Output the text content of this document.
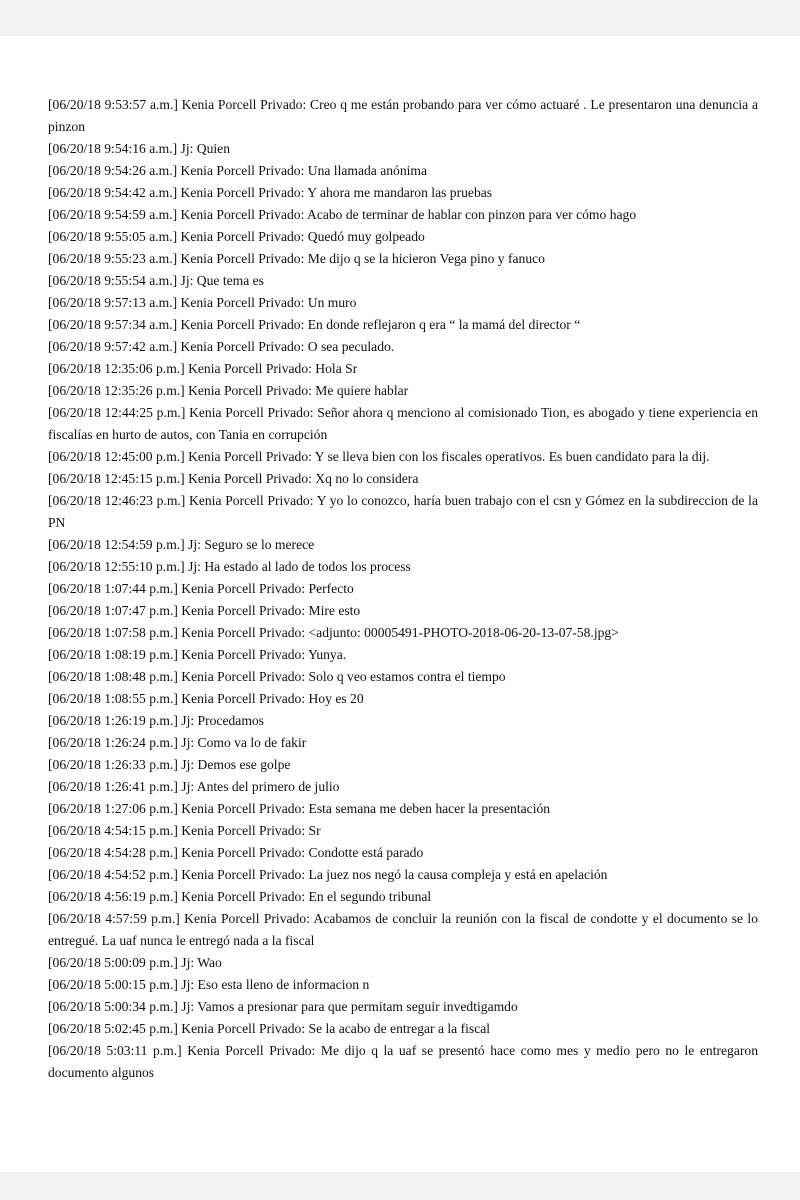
[06/20/18 9:53:57 a.m.] Kenia Porcell Privado: Creo q me están probando para ver cómo actuaré . Le presentaron una denuncia a pinzon

[06/20/18 9:54:16 a.m.] Jj: Quien

[06/20/18 9:54:26 a.m.] Kenia Porcell Privado: Una llamada anónima

[06/20/18 9:54:42 a.m.] Kenia Porcell Privado: Y ahora me mandaron las pruebas

[06/20/18 9:54:59 a.m.] Kenia Porcell Privado: Acabo de terminar de hablar con pinzon para ver cómo hago

[06/20/18 9:55:05 a.m.] Kenia Porcell Privado: Quedó muy golpeado

[06/20/18 9:55:23 a.m.] Kenia Porcell Privado: Me dijo q se la hicieron Vega pino y fanuco

[06/20/18 9:55:54 a.m.] Jj: Que tema es

[06/20/18 9:57:13 a.m.] Kenia Porcell Privado: Un muro

[06/20/18 9:57:34 a.m.] Kenia Porcell Privado: En donde reflejaron q era “ la mamá del director “

[06/20/18 9:57:42 a.m.] Kenia Porcell Privado: O sea peculado.

[06/20/18 12:35:06 p.m.] Kenia Porcell Privado: Hola Sr

[06/20/18 12:35:26 p.m.] Kenia Porcell Privado: Me quiere hablar

[06/20/18 12:44:25 p.m.] Kenia Porcell Privado: Señor ahora q menciono al comisionado Tion, es abogado y tiene experiencia en fiscalías en hurto de autos, con Tania en corrupción

[06/20/18 12:45:00 p.m.] Kenia Porcell Privado: Y se lleva bien con los fiscales operativos. Es buen candidato para la dij.

[06/20/18 12:45:15 p.m.] Kenia Porcell Privado: Xq no lo considera

[06/20/18 12:46:23 p.m.] Kenia Porcell Privado: Y yo lo conozco, haría buen trabajo con el csn y Gómez en la subdireccion de la PN

[06/20/18 12:54:59 p.m.] Jj: Seguro se lo merece

[06/20/18 12:55:10 p.m.] Jj: Ha estado al lado de todos los process

[06/20/18 1:07:44 p.m.] Kenia Porcell Privado: Perfecto

[06/20/18 1:07:47 p.m.] Kenia Porcell Privado: Mire esto

[06/20/18 1:07:58 p.m.] Kenia Porcell Privado: <adjunto: 00005491-PHOTO-2018-06-20-13-07-58.jpg>

[06/20/18 1:08:19 p.m.] Kenia Porcell Privado: Yunya.

[06/20/18 1:08:48 p.m.] Kenia Porcell Privado: Solo q veo estamos contra el tiempo

[06/20/18 1:08:55 p.m.] Kenia Porcell Privado: Hoy es 20

[06/20/18 1:26:19 p.m.] Jj: Procedamos

[06/20/18 1:26:24 p.m.] Jj: Como va lo de fakir

[06/20/18 1:26:33 p.m.] Jj: Demos ese golpe

[06/20/18 1:26:41 p.m.] Jj: Antes del primero de julio

[06/20/18 1:27:06 p.m.] Kenia Porcell Privado: Esta semana me deben hacer la presentación

[06/20/18 4:54:15 p.m.] Kenia Porcell Privado: Sr

[06/20/18 4:54:28 p.m.] Kenia Porcell Privado: Condotte está parado

[06/20/18 4:54:52 p.m.] Kenia Porcell Privado: La juez nos negó la causa compleja y está en apelación

[06/20/18 4:56:19 p.m.] Kenia Porcell Privado: En el segundo tribunal

[06/20/18 4:57:59 p.m.] Kenia Porcell Privado: Acabamos de concluir la reunión con la fiscal de condotte y el documento se lo entregué. La uaf nunca le entregó nada a la fiscal

[06/20/18 5:00:09 p.m.] Jj: Wao

[06/20/18 5:00:15 p.m.] Jj: Eso esta lleno de informacion n

[06/20/18 5:00:34 p.m.] Jj: Vamos a presionar para que permitam seguir invedtigamdo

[06/20/18 5:02:45 p.m.] Kenia Porcell Privado: Se la acabo de entregar a la fiscal

[06/20/18 5:03:11 p.m.] Kenia Porcell Privado: Me dijo q la uaf se presentó hace como mes y medio pero no le entregaron documento algunos
